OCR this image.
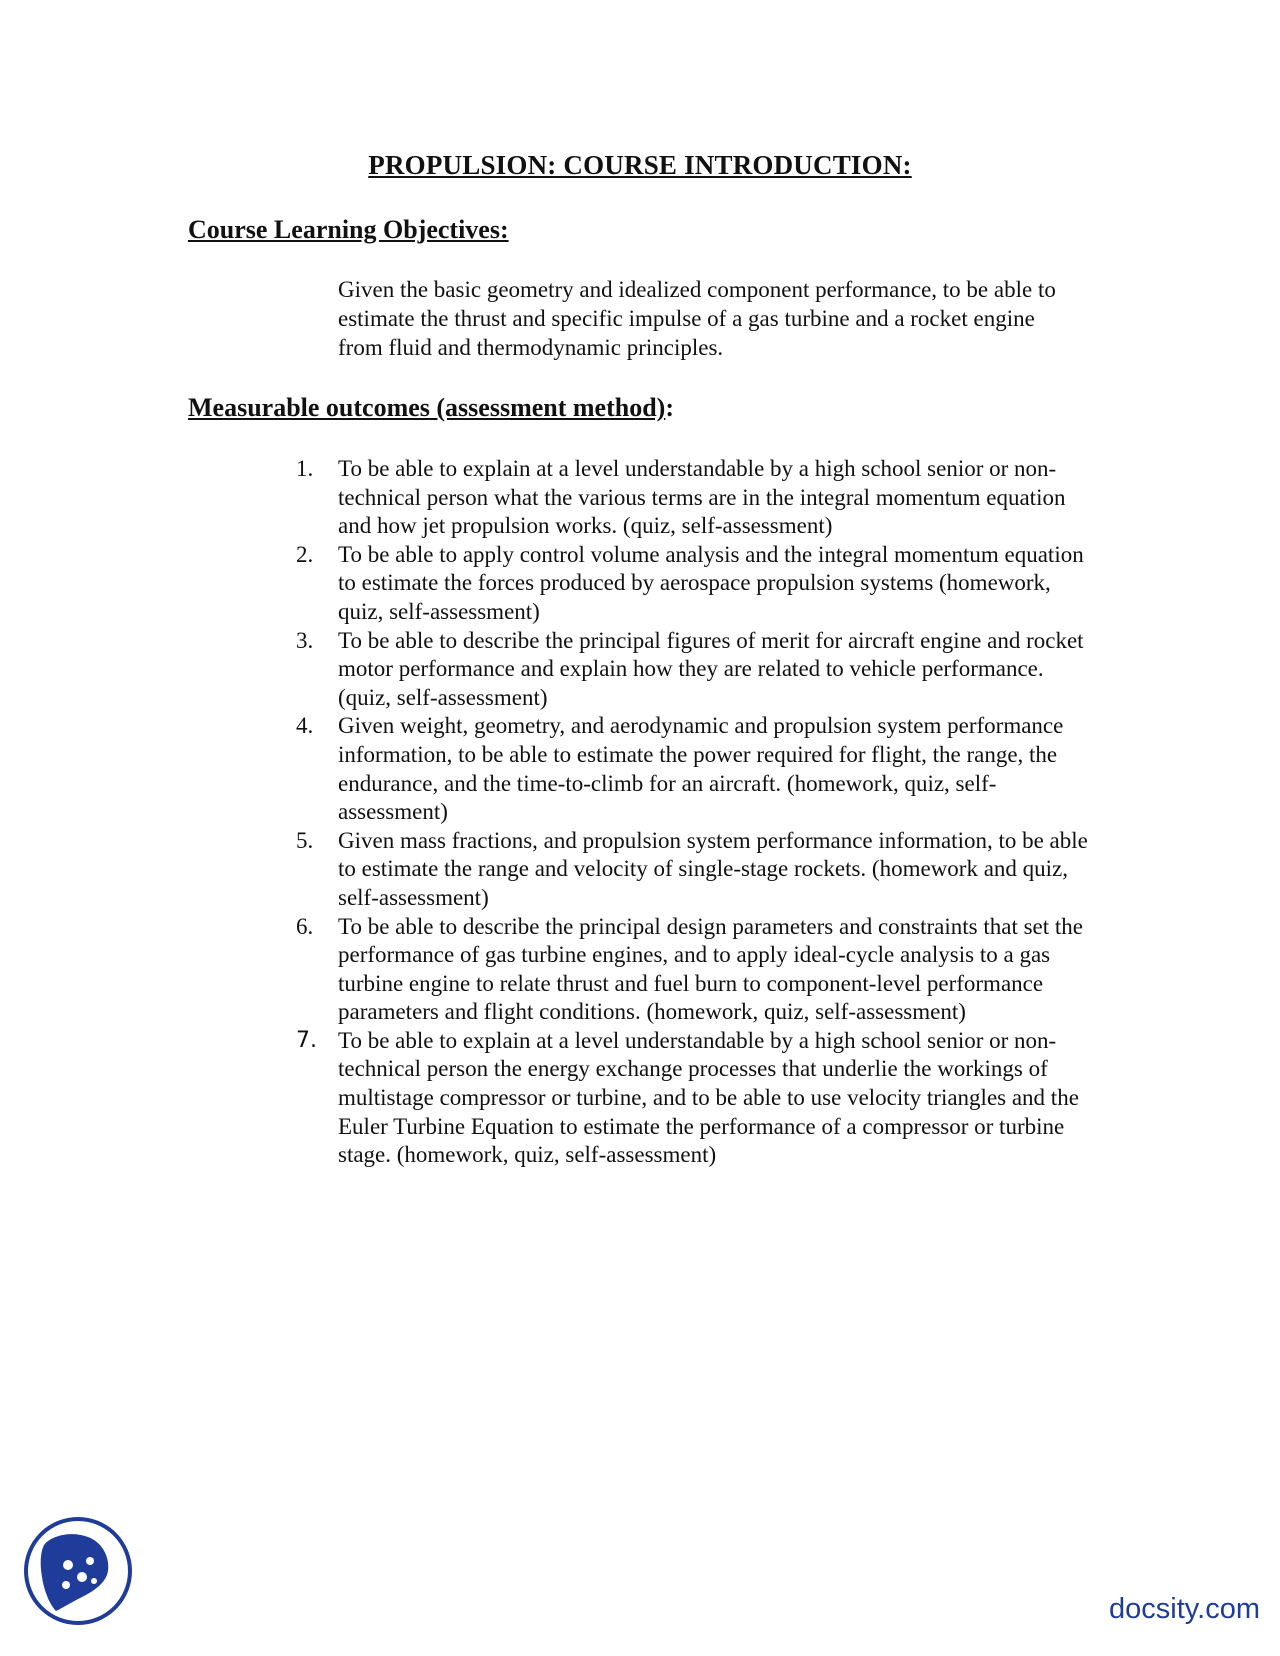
PROPULSION: COURSE INTRODUCTION:
Course Learning Objectives:
Given the basic geometry and idealized component performance, to be able to estimate the thrust and specific impulse of a gas turbine and a rocket engine from fluid and thermodynamic principles.
Measurable outcomes (assessment method):
1.	To be able to explain at a level understandable by a high school senior or non-technical person what the various terms are in the integral momentum equation and how jet propulsion works. (quiz, self-assessment)
2.	To be able to apply control volume analysis and the integral momentum equation to estimate the forces produced by aerospace propulsion systems (homework, quiz, self-assessment)
3.	To be able to describe the principal figures of merit for aircraft engine and rocket motor performance and explain how they are related to vehicle performance. (quiz, self-assessment)
4.	Given weight, geometry, and aerodynamic and propulsion system performance information, to be able to estimate the power required for flight, the range, the endurance, and the time-to-climb for an aircraft. (homework, quiz, self-assessment)
5.	Given mass fractions, and propulsion system performance information, to be able to estimate the range and velocity of single-stage rockets. (homework and quiz, self-assessment)
6.	To be able to describe the principal design parameters and constraints that set the performance of gas turbine engines, and to apply ideal-cycle analysis to a gas turbine engine to relate thrust and fuel burn to component-level performance parameters and flight conditions. (homework, quiz, self-assessment)
7. To be able to explain at a level understandable by a high school senior or non-technical person the energy exchange processes that underlie the workings of multistage compressor or turbine, and to be able to use velocity triangles and the Euler Turbine Equation to estimate the performance of a compressor or turbine stage. (homework, quiz, self-assessment)
docsity.com
